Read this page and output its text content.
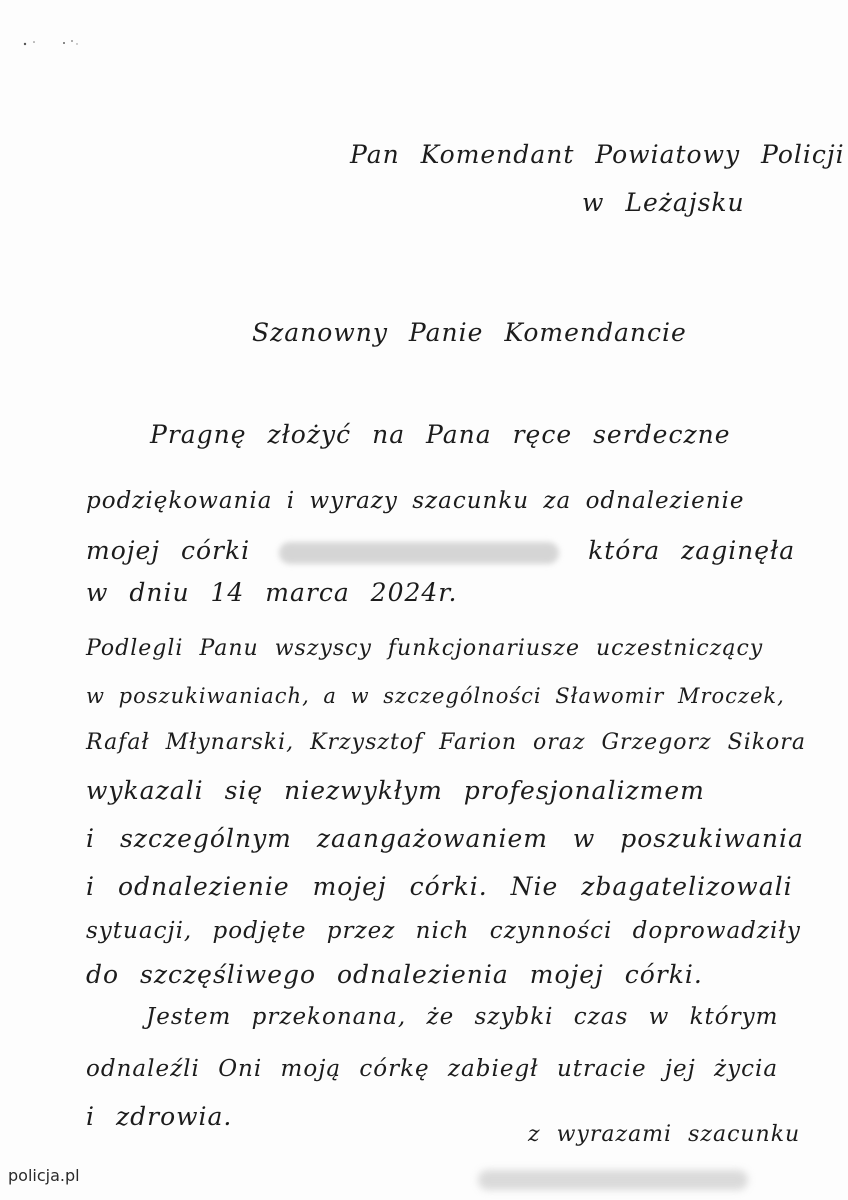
Pan Komendant Powiatowy Policji
w Leżajsku
Szanowny Panie Komendancie
Pragnę złożyć na Pana ręce serdeczne
podziękowania i wyrazy szacunku za odnalezienie
mojej córki	która zaginęła
w dniu 14 marca 2024r.
Podlegli Panu wszyscy funkcjonariusze uczestniczący
w poszukiwaniach, a w szczególności Sławomir Mroczek,
Rafał Młynarski, Krzysztof Farion oraz Grzegorz Sikora
wykazali się niezwykłym profesjonalizmem
i szczególnym zaangażowaniem w poszukiwania
i odnalezienie mojej córki. Nie zbagatelizowali
sytuacji, podjęte przez nich czynności doprowadziły
do szczęśliwego odnalezienia mojej córki.
Jestem przekonana, że szybki czas w którym
odnaleźli Oni moją córkę zabiegł utracie jej życia
i zdrowia.
z wyrazami szacunku
policja.pl
